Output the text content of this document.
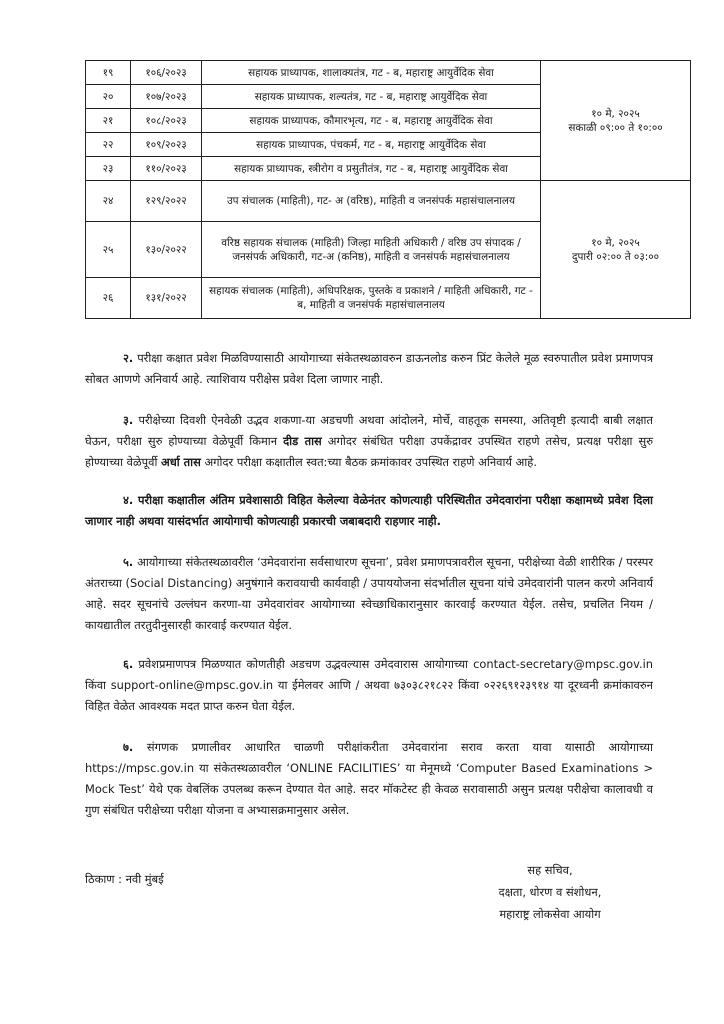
१९	१०६/२०२३	सहायक प्राध्यापक, शालाक्यतंत्र, गट - ब, महाराष्ट्र आयुर्वेदिक सेवा	१० मे, २०२५
सकाळी ०९:०० ते १०:००

२०	१०७/२०२३	सहायक प्राध्यापक, शल्यतंत्र, गट - ब, महाराष्ट्र आयुर्वेदिक सेवा	
२१	१०८/२०२३	सहायक प्राध्यापक, कौमारभृत्य, गट - ब, महाराष्ट्र आयुर्वेदिक सेवा	
२२	१०९/२०२३	सहायक प्राध्यापक, पंचकर्म, गट - ब, महाराष्ट्र आयुर्वेदिक सेवा	
२३	११०/२०२३	सहायक प्राध्यापक, स्त्रीरोग व प्रसुतीतंत्र, गट - ब, महाराष्ट्र आयुर्वेदिक सेवा	
२४	१२९/२०२२	उप संचालक (माहिती), गट- अ (वरिष्ठ), माहिती व जनसंपर्क महासंचालनालय	१० मे, २०२५
दुपारी ०२:०० ते ०३:००

२५	१३०/२०२२	वरिष्ठ सहायक संचालक (माहिती) जिल्हा माहिती अधिकारी / वरिष्ठ उप संपादक / जनसंपर्क अधिकारी, गट-अ (कनिष्ठ), माहिती व जनसंपर्क महासंचालनालय	
२६	१३१/२०२२	सहायक संचालक (माहिती), अधिपरिक्षक, पुस्तके व प्रकाशने / माहिती अधिकारी, गट - ब, माहिती व जनसंपर्क महासंचालनालय	
२. परीक्षा कक्षात प्रवेश मिळविण्यासाठी आयोगाच्या संकेतस्थळावरुन डाऊनलोड करुन प्रिंट केलेले मूळ स्वरुपातील प्रवेश प्रमाणपत्र सोबत आणणे अनिवार्य आहे. त्याशिवाय परीक्षेस प्रवेश दिला जाणार नाही.
३. परीक्षेच्या दिवशी ऐनवेळी उद्भव शकणा-या अडचणी अथवा आंदोलने, मोर्चे, वाहतूक समस्या, अतिवृष्टी इत्यादी बाबी लक्षात घेऊन, परीक्षा सुरु होण्याच्या वेळेपूर्वी किमान दीड तास अगोदर संबंधित परीक्षा उपकेंद्रावर उपस्थित राहणे तसेच, प्रत्यक्ष परीक्षा सुरु होण्याच्या वेळेपूर्वी अर्धा तास अगोदर परीक्षा कक्षातील स्वत:च्या बैठक क्रमांकावर उपस्थित राहणे अनिवार्य आहे.
४. परीक्षा कक्षातील अंतिम प्रवेशासाठी विहित केलेल्या वेळेनंतर कोणत्याही परिस्थितीत उमेदवारांना परीक्षा कक्षामध्ये प्रवेश दिला जाणार नाही अथवा यासंदर्भात आयोगाची कोणत्याही प्रकारची जबाबदारी राहणार नाही.
५. आयोगाच्या संकेतस्थळावरील ‘उमेदवारांना सर्वसाधारण सूचना’, प्रवेश प्रमाणपत्रावरील सूचना, परीक्षेच्या वेळी शारीरिक / परस्पर अंतराच्या (Social Distancing) अनुषंगाने करावयाची कार्यवाही / उपाययोजना संदर्भातील सूचना यांचे उमेदवारांनी पालन करणे अनिवार्य आहे. सदर सूचनांचे उल्लंघन करणा-या उमेदवारांवर आयोगाच्या स्वेच्छाधिकारानुसार कारवाई करण्यात येईल. तसेच, प्रचलित नियम / कायद्यातील तरतुदीनुसारही कारवाई करण्यात येईल.
६. प्रवेशप्रमाणपत्र मिळण्यात कोणतीही अडचण उद्भवल्यास उमेदवारास आयोगाच्या contact-secretary@mpsc.gov.in किंवा support-online@mpsc.gov.in या ईमेलवर आणि / अथवा ७३०३८२१८२२ किंवा ०२२६९१२३९१४ या दूरध्वनी क्रमांकावरुन विहित वेळेत आवश्यक मदत प्राप्त करुन घेता येईल.
७. संगणक प्रणालीवर आधारित चाळणी परीक्षांकरीता उमेदवारांना सराव करता यावा यासाठी आयोगाच्या https://mpsc.gov.in या संकेतस्थळावरील ‘ONLINE FACILITIES’ या मेनूमध्ये ‘Computer Based Examinations > Mock Test’ येथे एक वेबलिंक उपलब्ध करून देण्यात येत आहे. सदर मॉकटेस्ट ही केवळ सरावासाठी असुन प्रत्यक्ष परीक्षेचा कालावधी व गुण संबंधित परीक्षेच्या परीक्षा योजना व अभ्यासक्रमानुसार असेल.
ठिकाण : नवी मुंबई
सह सचिव,
दक्षता, धोरण व संशोधन,
महाराष्ट्र लोकसेवा आयोग
